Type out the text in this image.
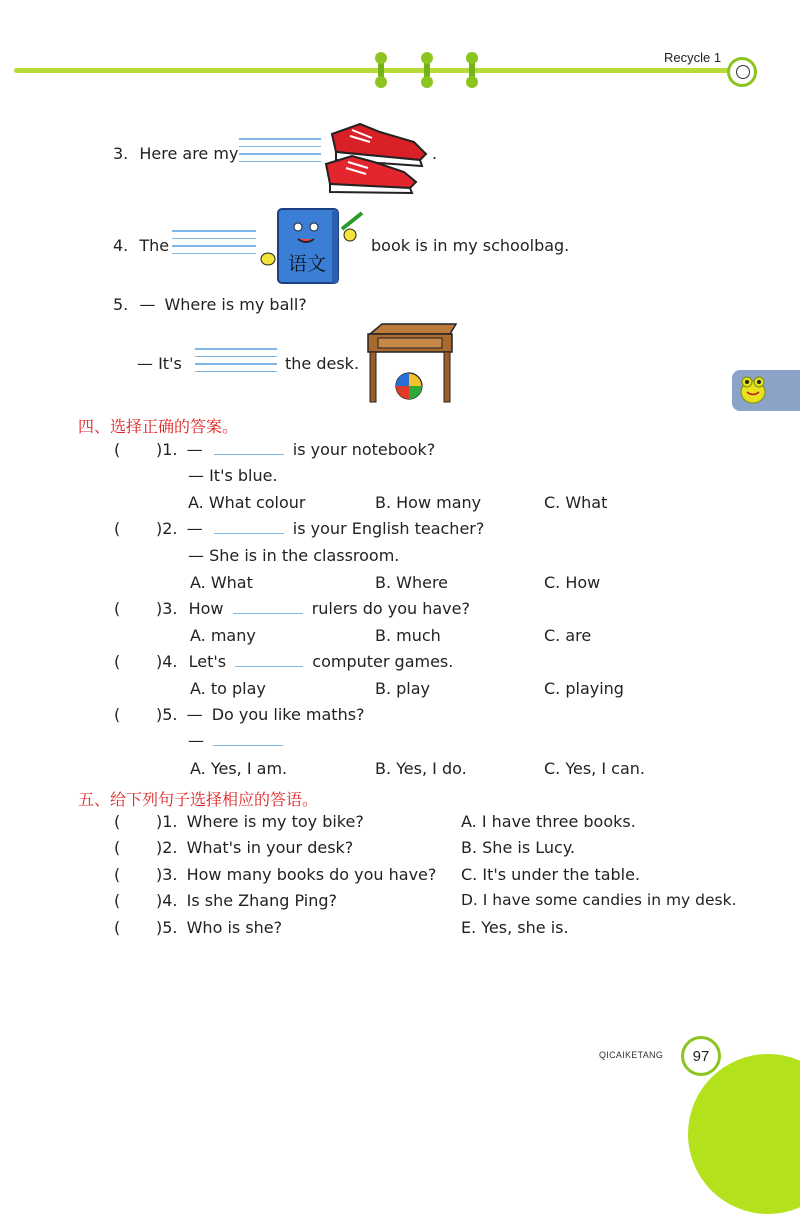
Recycle 1
3. Here are my	.
4. The
语文
book is in my schoolbag.
5. — Where is my ball?
— It's	the desk.
四、选择正确的答案。
( )1. —	is your notebook?
— It's blue.
A. What colour	B. How many	C. What
( )2. —	is your English teacher?
— She is in the classroom.
A. What	B. Where	C. How
( )3. How	rulers do you have?
A. many	B. much	C. are
( )4. Let's	computer games.
A. to play	B. play	C. playing
( )5. — Do you like maths?
—
A. Yes, I am.	B. Yes, I do.	C. Yes, I can.
五、给下列句子选择相应的答语。
( )1. Where is my toy bike?	A. I have three books.
( )2. What's in your desk?	B. She is Lucy.
( )3. How many books do you have? C. It's under the table.
( )4. Is she Zhang Ping?	D. I have some candies in my desk.
( )5. Who is she?	E. Yes, she is.
QICAIKETANG	97
